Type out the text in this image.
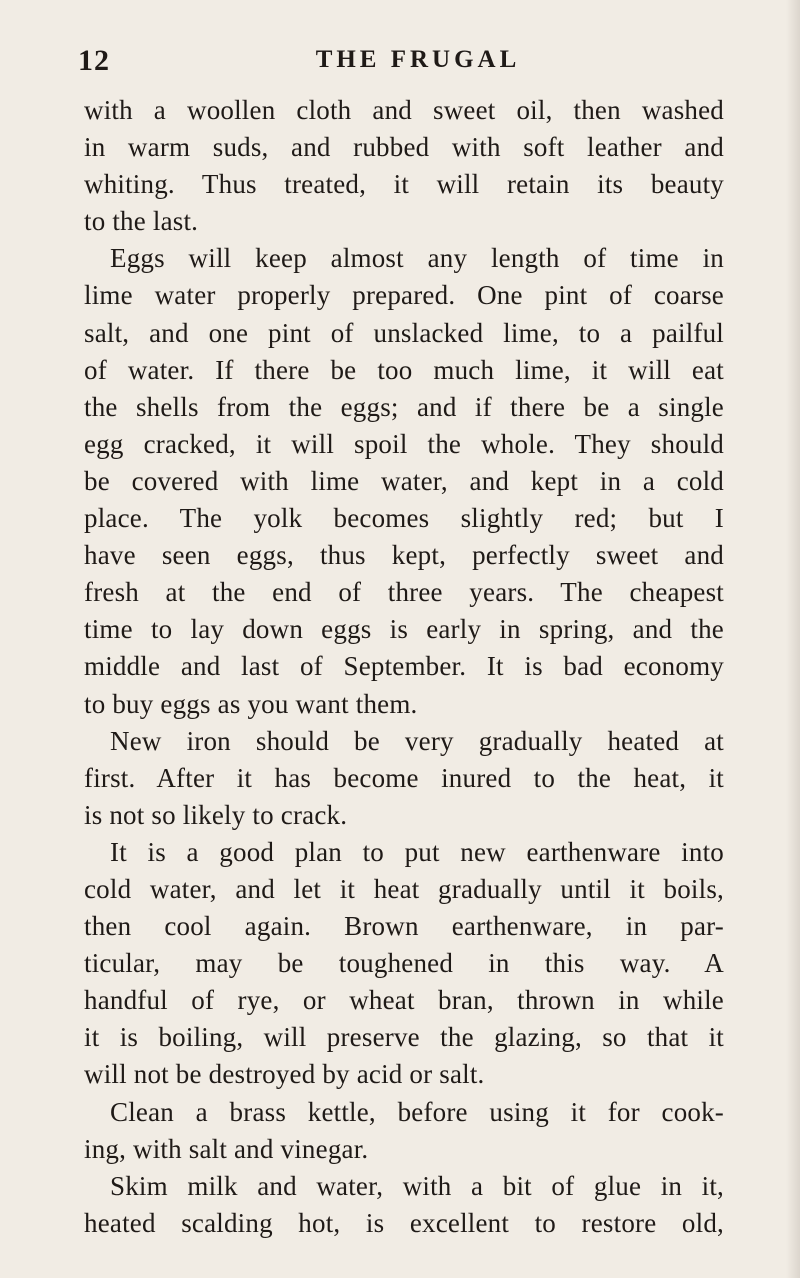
12	THE FRUGAL
with a woollen cloth and sweet oil, then washed
in warm suds, and rubbed with soft leather and
whiting. Thus treated, it will retain its beauty
to the last.
Eggs will keep almost any length of time in
lime water properly prepared. One pint of coarse
salt, and one pint of unslacked lime, to a pailful
of water. If there be too much lime, it will eat
the shells from the eggs; and if there be a single
egg cracked, it will spoil the whole. They should
be covered with lime water, and kept in a cold
place. The yolk becomes slightly red; but I
have seen eggs, thus kept, perfectly sweet and
fresh at the end of three years. The cheapest
time to lay down eggs is early in spring, and the
middle and last of September. It is bad economy
to buy eggs as you want them.
New iron should be very gradually heated at
first. After it has become inured to the heat, it
is not so likely to crack.
It is a good plan to put new earthenware into
cold water, and let it heat gradually until it boils,
then cool again. Brown earthenware, in par-
ticular, may be toughened in this way. A
handful of rye, or wheat bran, thrown in while
it is boiling, will preserve the glazing, so that it
will not be destroyed by acid or salt.
Clean a brass kettle, before using it for cook-
ing, with salt and vinegar.
Skim milk and water, with a bit of glue in it,
heated scalding hot, is excellent to restore old,
